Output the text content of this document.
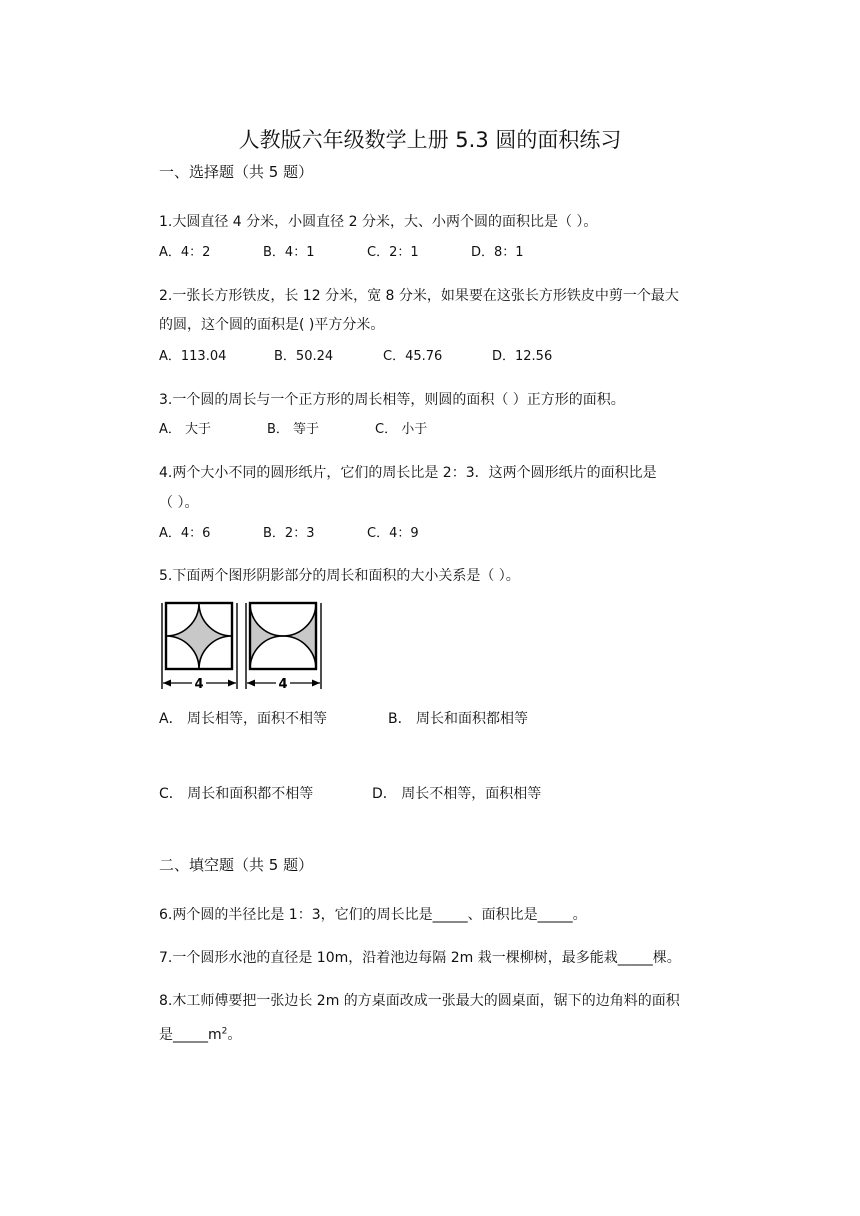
人教版六年级数学上册 5.3 圆的面积练习
一、选择题（共 5 题）
1.大圆直径 4 分米，小圆直径 2 分米，大、小两个圆的面积比是（ ）。
A．4：2	B．4：1	C．2：1	D．8：1
2.一张长方形铁皮，长 12 分米，宽 8 分米，如果要在这张长方形铁皮中剪一个最大
的圆，这个圆的面积是( )平方分米。
A．113.04	B．50.24	C．45.76	D．12.56
3.一个圆的周长与一个正方形的周长相等，则圆的面积（ ）正方形的面积。
A． 大于	B． 等于	C． 小于
4.两个大小不同的圆形纸片，它们的周长比是 2：3．这两个圆形纸片的面积比是
（ ）。
A．4：6	B．2：3	C．4：9
5.下面两个图形阴影部分的周长和面积的大小关系是（ ）。
4	4
A． 周长相等，面积不相等	B． 周长和面积都相等
C． 周长和面积都不相等	D． 周长不相等，面积相等
二、填空题（共 5 题）
6.两个圆的半径比是 1：3，它们的周长比是_____、面积比是_____。
7.一个圆形水池的直径是 10m，沿着池边每隔 2m 栽一棵柳树，最多能栽_____棵。
8.木工师傅要把一张边长 2m 的方桌面改成一张最大的圆桌面，锯下的边角料的面积
是$\_\_\_\_\_m^2$。
